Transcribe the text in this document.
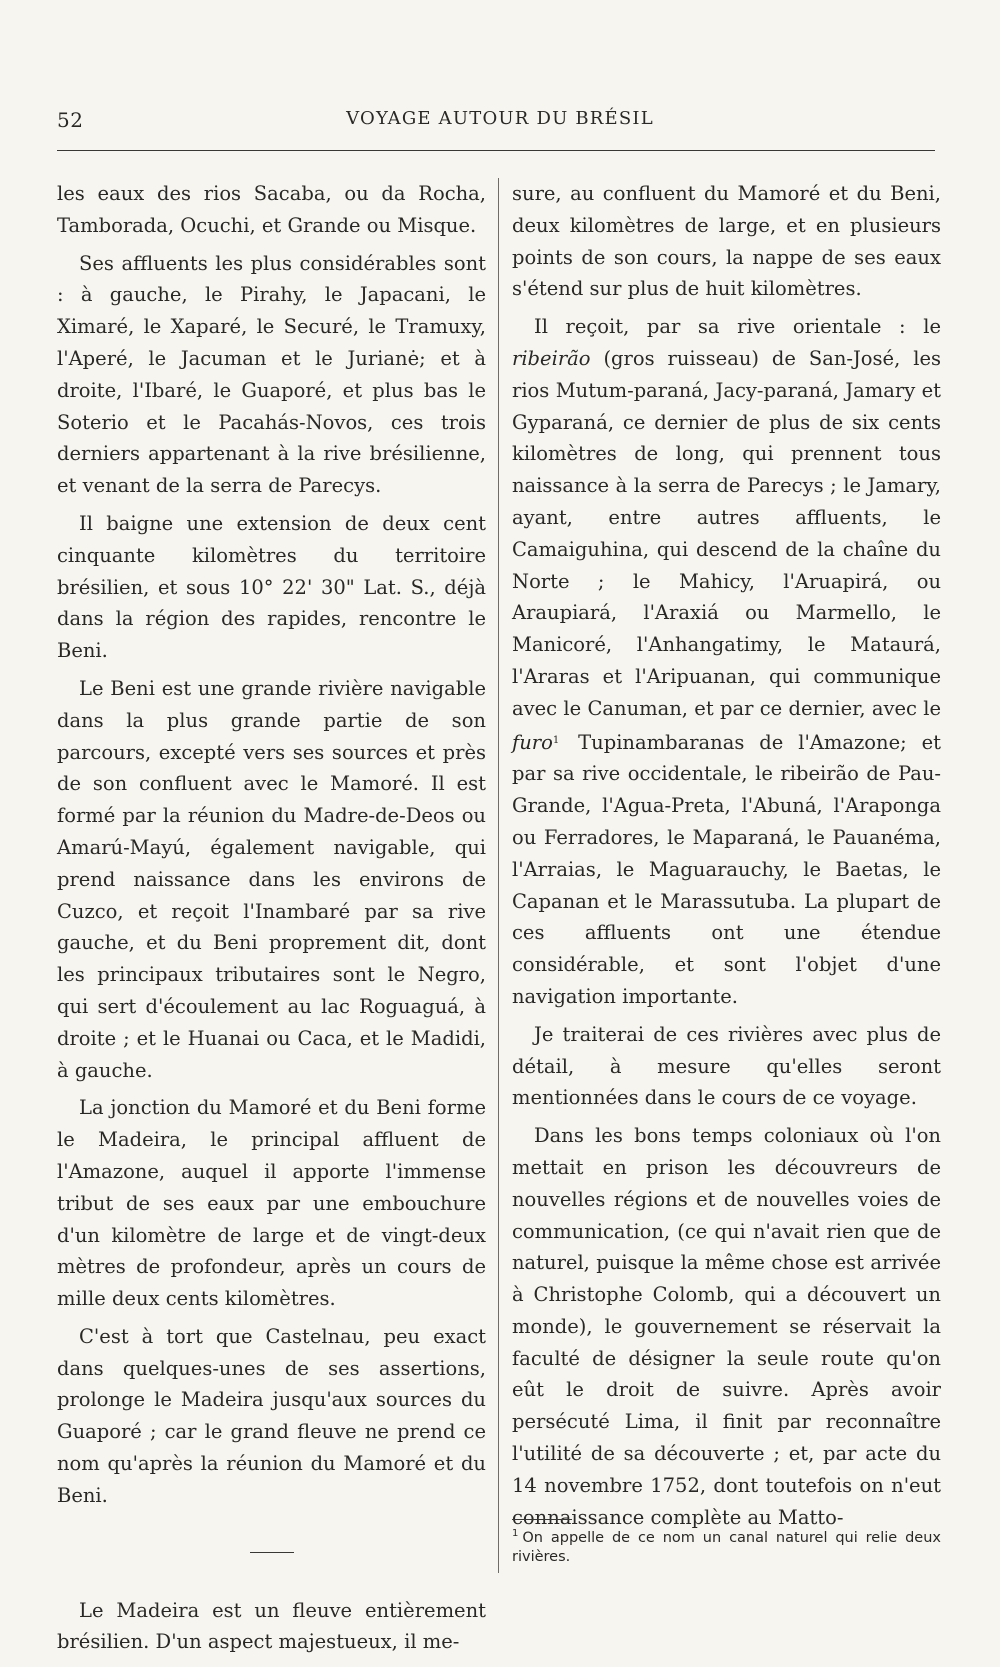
52	VOYAGE AUTOUR DU BRÉSIL

les eaux des rios Sacaba, ou da Rocha, Tamborada, Ocuchi, et Grande ou Misque.

Ses affluents les plus considérables sont : à gauche, le Pirahy, le Japacani, le Ximaré, le Xaparé, le Securé, le Tramuxy, l'Aperé, le Jacuman et le Jurianė; et à droite, l'Ibaré, le Guaporé, et plus bas le Soterio et le Pacahás-Novos, ces trois derniers appartenant à la rive brésilienne, et venant de la serra de Parecys.

Il baigne une extension de deux cent cinquante kilomètres du territoire brésilien, et sous 10° 22' 30" Lat. S., déjà dans la région des rapides, rencontre le Beni.

Le Beni est une grande rivière navigable dans la plus grande partie de son parcours, excepté vers ses sources et près de son confluent avec le Mamoré. Il est formé par la réunion du Madre-de-Deos ou Amarú-Mayú, également navigable, qui prend naissance dans les environs de Cuzco, et reçoit l'Inambaré par sa rive gauche, et du Beni proprement dit, dont les principaux tributaires sont le Negro, qui sert d'écoulement au lac Roguaguá, à droite ; et le Huanai ou Caca, et le Madidi, à gauche.

La jonction du Mamoré et du Beni forme le Madeira, le principal affluent de l'Amazone, auquel il apporte l'immense tribut de ses eaux par une embouchure d'un kilomètre de large et de vingt-deux mètres de profondeur, après un cours de mille deux cents kilomètres.

C'est à tort que Castelnau, peu exact dans quelques-unes de ses assertions, prolonge le Madeira jusqu'aux sources du Guaporé ; car le grand fleuve ne prend ce nom qu'après la réunion du Mamoré et du Beni.

Le Madeira est un fleuve entièrement brésilien. D'un aspect majestueux, il me-

sure, au confluent du Mamoré et du Beni, deux kilomètres de large, et en plusieurs points de son cours, la nappe de ses eaux s'étend sur plus de huit kilomètres.

Il reçoit, par sa rive orientale : le ribeirão (gros ruisseau) de San-José, les rios Mutum-paraná, Jacy-paraná, Jamary et Gyparaná, ce dernier de plus de six cents kilomètres de long, qui prennent tous naissance à la serra de Parecys ; le Jamary, ayant, entre autres affluents, le Camaiguhina, qui descend de la chaîne du Norte ; le Mahicy, l'Aruapirá, ou Araupiará, l'Araxiá ou Marmello, le Manicoré, l'Anhangatimy, le Mataurá, l'Araras et l'Aripuanan, qui communique avec le Canuman, et par ce dernier, avec le furo$^1$ Tupinambaranas de l'Amazone; et par sa rive occidentale, le ribeirão de Pau-Grande, l'Agua-Preta, l'Abuná, l'Araponga ou Ferradores, le Maparaná, le Pauanéma, l'Arraias, le Maguarauchy, le Baetas, le Capanan et le Marassutuba. La plupart de ces affluents ont une étendue considérable, et sont l'objet d'une navigation importante.

Je traiterai de ces rivières avec plus de détail, à mesure qu'elles seront mentionnées dans le cours de ce voyage.

Dans les bons temps coloniaux où l'on mettait en prison les découvreurs de nouvelles régions et de nouvelles voies de communication, (ce qui n'avait rien que de naturel, puisque la même chose est arrivée à Christophe Colomb, qui a découvert un monde), le gouvernement se réservait la faculté de désigner la seule route qu'on eût le droit de suivre. Après avoir persécuté Lima, il finit par reconnaître l'utilité de sa découverte ; et, par acte du 14 novembre 1752, dont toutefois on n'eut connaissance complète au Matto-

$^1$ On appelle de ce nom un canal naturel qui relie deux rivières.
